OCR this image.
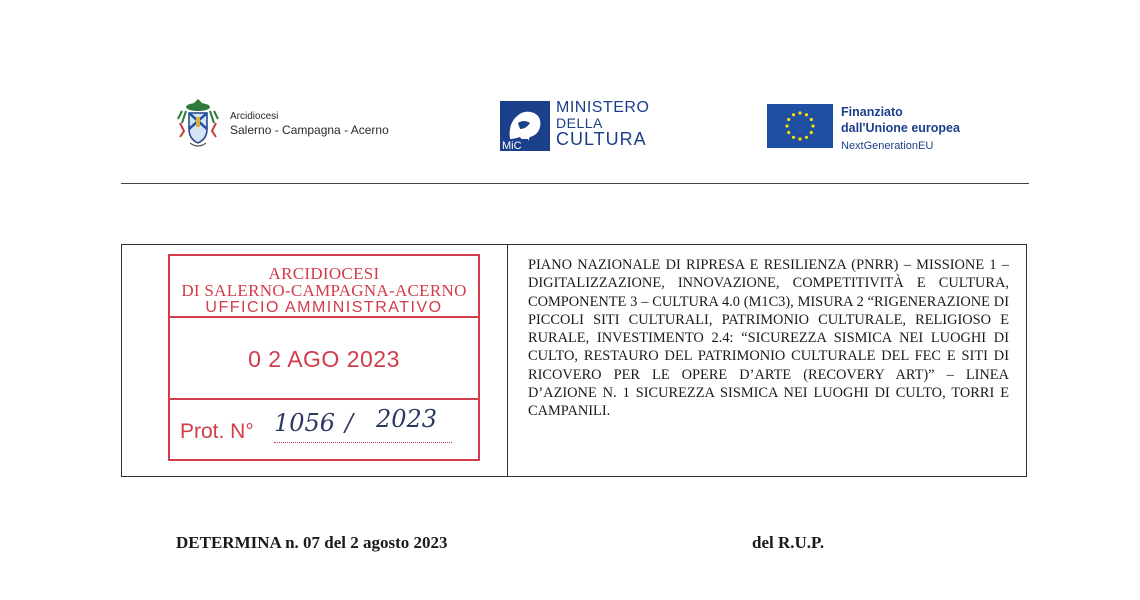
Arcidiocesi
Salerno - Campagna - Acerno
MiC
MINISTERO
DELLA
CULTURA
Finanziato
dall'Unione europea
NextGenerationEU
ARCIDIOCESI
DI SALERNO-CAMPAGNA-ACERNO
UFFICIO AMMINISTRATIVO
0 2 AGO 2023
Prot. N° 1056 / 2023
PIANO NAZIONALE DI RIPRESA E RESILIENZA (PNRR) – MISSIONE 1 – DIGITALIZZAZIONE, INNOVAZIONE, COMPETITIVITÀ E CULTURA, COMPONENTE 3 – CULTURA 4.0 (M1C3), MISURA 2 “RIGENERAZIONE DI PICCOLI SITI CULTURALI, PATRIMONIO CULTURALE, RELIGIOSO E RURALE, INVESTIMENTO 2.4: “SICUREZZA SISMICA NEI LUOGHI DI CULTO, RESTAURO DEL PATRIMONIO CULTURALE DEL FEC E SITI DI RICOVERO PER LE OPERE D’ARTE (RECOVERY ART)” – LINEA D’AZIONE N. 1 SICUREZZA SISMICA NEI LUOGHI DI CULTO, TORRI E CAMPANILI.
DETERMINA n. 07 del 2 agosto 2023	del R.U.P.
